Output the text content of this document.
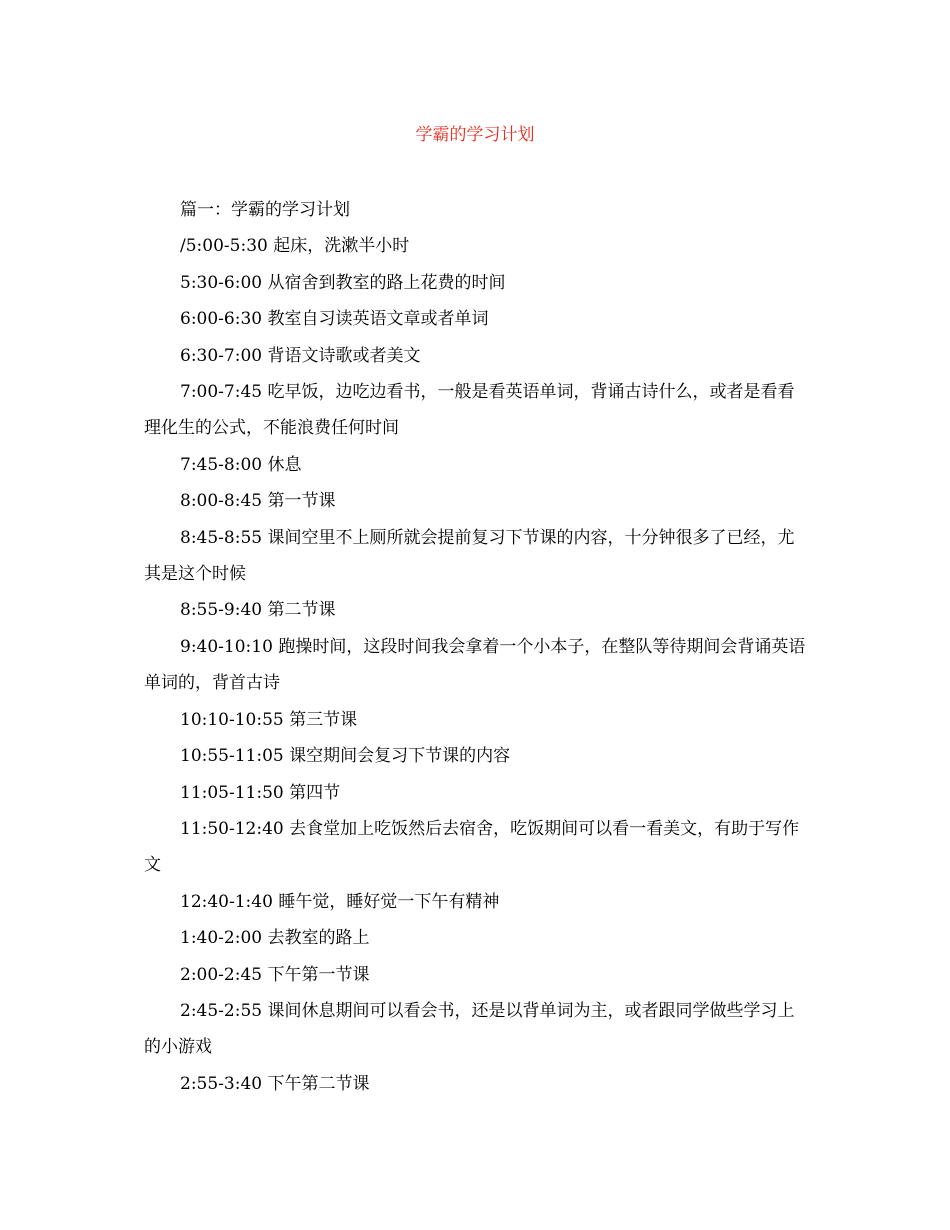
学霸的学习计划

篇一：学霸的学习计划

/5:00-5:30 起床，洗漱半小时

5:30-6:00 从宿舍到教室的路上花费的时间

6:00-6:30 教室自习读英语文章或者单词

6:30-7:00 背语文诗歌或者美文

7:00-7:45 吃早饭，边吃边看书，一般是看英语单词，背诵古诗什么，或者是看看理化生的公式，不能浪费任何时间

7:45-8:00 休息

8:00-8:45 第一节课

8:45-8:55 课间空里不上厕所就会提前复习下节课的内容，十分钟很多了已经，尤其是这个时候

8:55-9:40 第二节课

9:40-10:10 跑操时间，这段时间我会拿着一个小本子，在整队等待期间会背诵英语单词的，背首古诗

10:10-10:55 第三节课

10:55-11:05 课空期间会复习下节课的内容

11:05-11:50 第四节

11:50-12:40 去食堂加上吃饭然后去宿舍，吃饭期间可以看一看美文，有助于写作文

12:40-1:40 睡午觉，睡好觉一下午有精神

1:40-2:00 去教室的路上

2:00-2:45 下午第一节课

2:45-2:55 课间休息期间可以看会书，还是以背单词为主，或者跟同学做些学习上的小游戏

2:55-3:40 下午第二节课
